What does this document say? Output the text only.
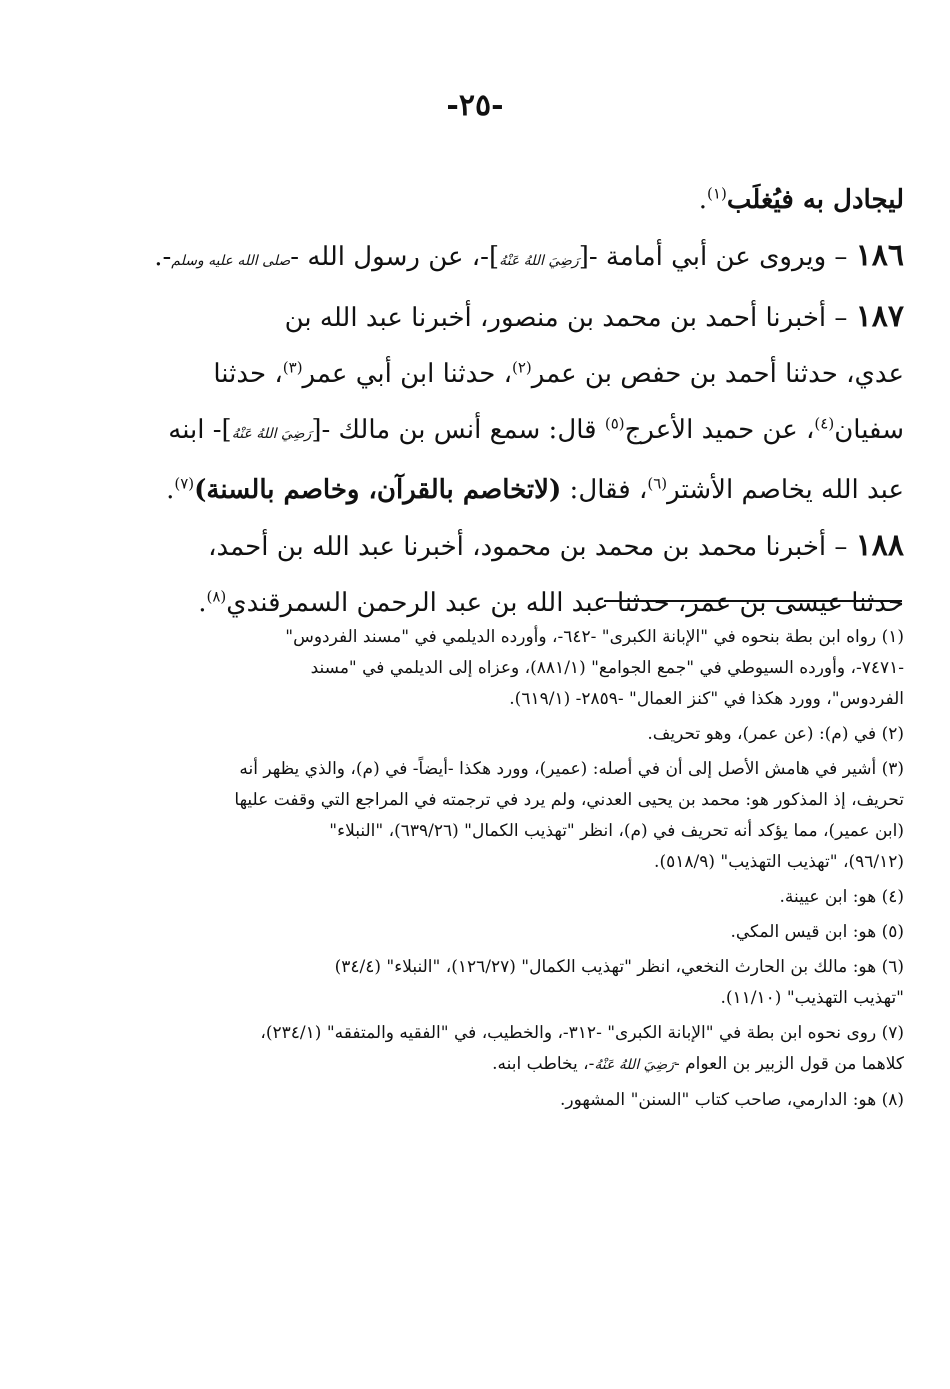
-٢٥-
ليجادل به فيُغلَب$^{(١)}$.
١٨٦ – ويروى عن أبي أمامة -[رَضِيَ اللهُ عَنْهُ]-، عن رسول الله -صلى الله عليه وسلم-.
١٨٧ – أخبرنا أحمد بن محمد بن منصور، أخبرنا عبد الله بن
عدي، حدثنا أحمد بن حفص بن عمر$^{(٢)}$، حدثنا ابن أبي عمر$^{(٣)}$، حدثنا
سفيان$^{(٤)}$، عن حميد الأعرج$^{(٥)}$ قال: سمع أنس بن مالك -[رَضِيَ اللهُ عَنْهُ]- ابنه
عبد الله يخاصم الأشتر$^{(٦)}$، فقال: (لاتخاصم بالقرآن، وخاصم بالسنة)$^{(٧)}$.
١٨٨ – أخبرنا محمد بن محمد بن محمود، أخبرنا عبد الله بن أحمد،
حدثنا عيسى بن عمر، حدثنا عبد الله بن عبد الرحمن السمرقندي$^{(٨)}$.
(١) رواه ابن بطة بنحوه في "الإبانة الكبرى" -٦٤٢-، وأورده الديلمي في "مسند الفردوس"
-٧٤٧١-، وأورده السيوطي في "جمع الجوامع" (٨٨١/١)، وعزاه إلى الديلمي في "مسند
الفردوس"، وورد هكذا في "كنز العمال" -٢٨٥٩- (٦١٩/١).
(٢) في (م): (عن عمر)، وهو تحريف.
(٣) أشير في هامش الأصل إلى أن في أصله: (عمير)، وورد هكذا -أيضاً- في (م)، والذي يظهر أنه
تحريف، إذ المذكور هو: محمد بن يحيى العدني، ولم يرد في ترجمته في المراجع التي وقفت عليها
(ابن عمير)، مما يؤكد أنه تحريف في (م)، انظر "تهذيب الكمال" (٦٣٩/٢٦)، "النبلاء"
(٩٦/١٢)، "تهذيب التهذيب" (٥١٨/٩).
(٤) هو: ابن عيينة.
(٥) هو: ابن قيس المكي.
(٦) هو: مالك بن الحارث النخعي، انظر "تهذيب الكمال" (١٢٦/٢٧)، "النبلاء" (٣٤/٤)
"تهذيب التهذيب" (١١/١٠).
(٧) روى نحوه ابن بطة في "الإبانة الكبرى" -٣١٢-، والخطيب، في "الفقيه والمتفقه" (٢٣٤/١)،
كلاهما من قول الزبير بن العوام -رَضِيَ اللهُ عَنْهُ-، يخاطب ابنه.
(٨) هو: الدارمي، صاحب كتاب "السنن" المشهور.
